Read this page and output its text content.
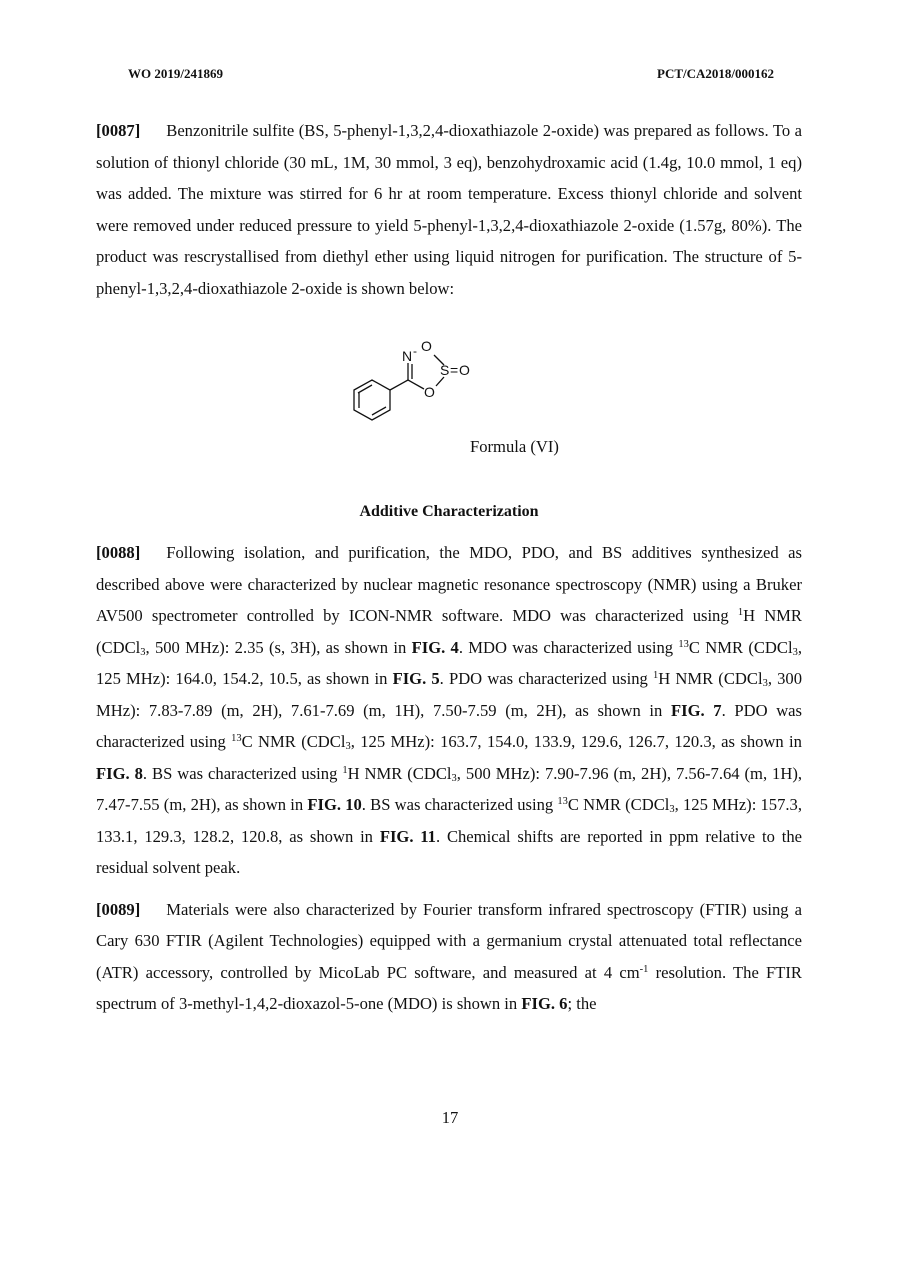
WO 2019/241869	PCT/CA2018/000162

[0087] Benzonitrile sulfite (BS, 5-phenyl-1,3,2,4-dioxathiazole 2-oxide) was prepared as follows. To a solution of thionyl chloride (30 mL, 1M, 30 mmol, 3 eq), benzohydroxamic acid (1.4g, 10.0 mmol, 1 eq) was added. The mixture was stirred for 6 hr at room temperature. Excess thionyl chloride and solvent were removed under reduced pressure to yield 5-phenyl-1,3,2,4-dioxathiazole 2-oxide (1.57g, 80%). The product was rescrystallised from diethyl ether using liquid nitrogen for purification. The structure of 5-phenyl-1,3,2,4-dioxathiazole 2-oxide is shown below:

N - O
S = O
O
Formula (VI)
Additive Characterization

[0088] Following isolation, and purification, the MDO, PDO, and BS additives synthesized as described above were characterized by nuclear magnetic resonance spectroscopy (NMR) using a Bruker AV500 spectrometer controlled by ICON-NMR software. MDO was characterized using $^1$H NMR (CDCl$_3$, 500 MHz): 2.35 (s, 3H), as shown in FIG. 4. MDO was characterized using $^{13}$C NMR (CDCl$_3$, 125 MHz): 164.0, 154.2, 10.5, as shown in FIG. 5. PDO was characterized using $^1$H NMR (CDCl$_3$, 300 MHz): 7.83-7.89 (m, 2H), 7.61-7.69 (m, 1H), 7.50-7.59 (m, 2H), as shown in FIG. 7. PDO was characterized using $^{13}$C NMR (CDCl$_3$, 125 MHz): 163.7, 154.0, 133.9, 129.6, 126.7, 120.3, as shown in FIG. 8. BS was characterized using $^1$H NMR (CDCl$_3$, 500 MHz): 7.90-7.96 (m, 2H), 7.56-7.64 (m, 1H), 7.47-7.55 (m, 2H), as shown in FIG. 10. BS was characterized using $^{13}$C NMR (CDCl$_3$, 125 MHz): 157.3, 133.1, 129.3, 128.2, 120.8, as shown in FIG. 11. Chemical shifts are reported in ppm relative to the residual solvent peak.

[0089] Materials were also characterized by Fourier transform infrared spectroscopy (FTIR) using a Cary 630 FTIR (Agilent Technologies) equipped with a germanium crystal attenuated total reflectance (ATR) accessory, controlled by MicoLab PC software, and measured at 4 $cm^{-1}$ resolution. The FTIR spectrum of 3-methyl-1,4,2-dioxazol-5-one (MDO) is shown in FIG. 6; the

17
